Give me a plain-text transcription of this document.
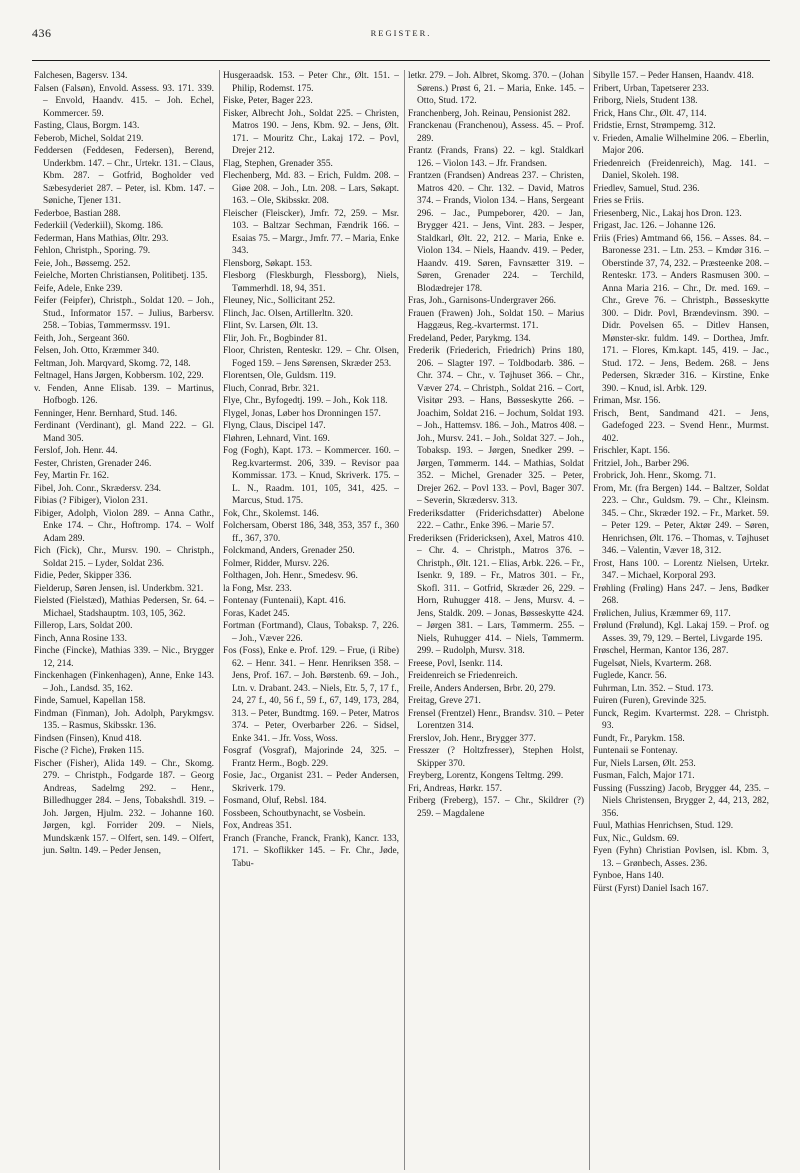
436	REGISTER.
Falchesen, Bagersv. 134.
Falsen (Falsøn), Envold. Assess. 93. 171. 339. – Envold, Haandv. 415. – Joh. Echel, Kommercer. 59.
Fasting, Claus, Borgm. 143.
Feberob, Michel, Soldat 219.
Feddersen (Feddesen, Federsen), Berend, Underkbm. 147. – Chr., Urtekr. 131. – Claus, Kbm. 287. – Gotfrid, Bogholder ved Sæbesyderiet 287. – Peter, isl. Kbm. 147. – Søniche, Tjener 131.
Federboe, Bastian 288.
Federkiil (Vederkiil), Skomg. 186.
Federman, Hans Mathias, Øltr. 293.
Fehlon, Christph., Sporing. 79.
Feie, Joh., Bøssemg. 252.
Feielche, Morten Christiansen, Politibetj. 135.
Feife, Adele, Enke 239.
Feifer (Feipfer), Christph., Soldat 120. – Joh., Stud., Informator 157. – Julius, Barbersv. 258. – Tobias, Tømmermssv. 191.
Feith, Joh., Sergeant 360.
Felsen, Joh. Otto, Kræmmer 340.
Feltman, Joh. Marqvard, Skomg. 72, 148.
Feltnagel, Hans Jørgen, Kobbersm. 102, 229.
v. Fenden, Anne Elisab. 139. – Martinus, Hofbogb. 126.
Fenninger, Henr. Bernhard, Stud. 146.
Ferdinant (Verdinant), gl. Mand 222. – Gl. Mand 305.
Ferslof, Joh. Henr. 44.
Fester, Christen, Grenader 246.
Fey, Martin Fr. 162.
Fibel, Joh. Conr., Skrædersv. 234.
Fibias (? Fibiger), Violon 231.
Fibiger, Adolph, Violon 289. – Anna Cathr., Enke 174. – Chr., Hoftromp. 174. – Wolf Adam 289.
Fich (Fick), Chr., Mursv. 190. – Christph., Soldat 215. – Lyder, Soldat 236.
Fidie, Peder, Skipper 336.
Fielderup, Søren Jensen, isl. Underkbm. 321.
Fielsted (Fielstæd), Mathias Pedersen, Sr. 64. – Michael, Stadshauptm. 103, 105, 362.
Fillerop, Lars, Soldat 200.
Finch, Anna Rosine 133.
Finche (Fincke), Mathias 339. – Nic., Brygger 12, 214.
Finckenhagen (Finkenhagen), Anne, Enke 143. – Joh., Landsd. 35, 162.
Finde, Samuel, Kapellan 158.
Findman (Finman), Joh. Adolph, Parykmgsv. 135. – Rasmus, Skibsskr. 136.
Findsen (Finsen), Knud 418.
Fische (? Fiche), Frøken 115.
Fischer (Fisher), Alida 149. – Chr., Skomg. 279. – Christph., Fodgarde 187. – Georg Andreas, Sadelmg 292. – Henr., Billedhugger 284. – Jens, Tobakshdl. 319. – Joh. Jørgen, Hjulm. 232. – Johanne 160. Jørgen, kgl. Forrider 209. – Niels, Mundskænk 157. – Olfert, sen. 149. – Olfert, jun. Søltn. 149. – Peder Jensen,
Husgeraadsk. 153. – Peter Chr., Ølt. 151. – Philip, Rodemst. 175.
Fiske, Peter, Bager 223.
Fisker, Albrecht Joh., Soldat 225. – Christen, Matros 190. – Jens, Kbm. 92. – Jens, Ølt. 171. – Mouritz Chr., Lakaj 172. – Povl, Drejer 212.
Flag, Stephen, Grenader 355.
Flechenberg, Md. 83. – Erich, Fuldm. 208. – Giøe 208. – Joh., Ltn. 208. – Lars, Søkapt. 163. – Ole, Skibsskr. 208.
Fleischer (Fleiscker), Jmfr. 72, 259. – Msr. 103. – Baltzar Sechman, Fændrik 166. – Esaias 75. – Margr., Jmfr. 77. – Maria, Enke 343.
Flensborg, Søkapt. 153.
Flesborg (Fleskburgh, Flessborg), Niels, Tømmerhdl. 18, 94, 351.
Fleuney, Nic., Sollicitant 252.
Flinch, Jac. Olsen, Artillerltn. 320.
Flint, Sv. Larsen, Ølt. 13.
Flir, Joh. Fr., Bogbinder 81.
Floor, Christen, Renteskr. 129. – Chr. Olsen, Foged 159. – Jens Sørensen, Skræder 253.
Florentsen, Ole, Guldsm. 119.
Fluch, Conrad, Brbr. 321.
Flye, Chr., Byfogedtj. 199. – Joh., Kok 118.
Flygel, Jonas, Løber hos Dronningen 157.
Flyng, Claus, Discipel 147.
Fløhren, Lehnard, Vint. 169.
Fog (Fogh), Kapt. 173. – Kommercer. 160. – Reg.kvartermst. 206, 339. – Revisor paa Kommissar. 173. – Knud, Skriverk. 175. – L. N., Raadm. 101, 105, 341, 425. – Marcus, Stud. 175.
Fok, Chr., Skolemst. 146.
Folchersam, Oberst 186, 348, 353, 357 f., 360 ff., 367, 370.
Folckmand, Anders, Grenader 250.
Folmer, Ridder, Mursv. 226.
Folthagen, Joh. Henr., Smedesv. 96.
la Fong, Msr. 233.
Fontenay (Funtenaii), Kapt. 416.
Foras, Kadet 245.
Fortman (Fortmand), Claus, Tobaksp. 7, 226. – Joh., Væver 226.
Fos (Foss), Enke e. Prof. 129. – Frue, (i Ribe) 62. – Henr. 341. – Henr. Henriksen 358. – Jens, Prof. 167. – Joh. Børstenb. 69. – Joh., Ltn. v. Drabant. 243. – Niels, Etr. 5, 7, 17 f., 24, 27 f., 40, 56 f., 59 f., 67, 149, 173, 284, 313. – Peter, Bundtmg. 169. – Peter, Matros 374. – Peter, Overbarber 226. – Sidsel, Enke 341. – Jfr. Voss, Woss.
Fosgraf (Vosgraf), Majorinde 24, 325. – Frantz Herm., Bogb. 229.
Fosie, Jac., Organist 231. – Peder Andersen, Skriverk. 179.
Fosmand, Oluf, Rebsl. 184.
Fossbeen, Schoutbynacht, se Vosbein.
Fox, Andreas 351.
Franch (Franche, Franck, Frank), Kancr. 133, 171. – Skoflikker 145. – Fr. Chr., Jøde, Tabu-
letkr. 279. – Joh. Albret, Skomg. 370. – (Johan Sørens.) Prøst 6, 21. – Maria, Enke. 145. – Otto, Stud. 172.
Franchenberg, Joh. Reinau, Pensionist 282.
Franckenau (Franchenou), Assess. 45. – Prof. 289.
Frantz (Frands, Frans) 22. – kgl. Staldkarl 126. – Violon 143. – Jfr. Frandsen.
Frantzen (Frandsen) Andreas 237. – Christen, Matros 420. – Chr. 132. – David, Matros 374. – Frands, Violon 134. – Hans, Sergeant 296. – Jac., Pumpeborer, 420. – Jan, Brygger 421. – Jens, Vint. 283. – Jesper, Staldkarl, Ølt. 22, 212. – Maria, Enke e. Violon 134. – Niels, Haandv. 419. – Peder, Haandv. 419. Søren, Favnsætter 319. – Søren, Grenader 224. – Terchild, Blodædrejer 178.
Fras, Joh., Garnisons-Undergraver 266.
Frauen (Frawen) Joh., Soldat 150. – Marius Haggæus, Reg.-kvartermst. 171.
Fredeland, Peder, Parykmg. 134.
Frederik (Friederich, Friedrich) Prins 180, 206. – Slagter 197. – Toldbodarb. 386. – Chr. 374. – Chr., v. Tøjhuset 366. – Chr., Væver 274. – Christph., Soldat 216. – Cort, Visitør 293. – Hans, Bøsseskytte 266. – Joachim, Soldat 216. – Jochum, Soldat 193. – Joh., Hattemsv. 186. – Joh., Matros 408. – Joh., Mursv. 241. – Joh., Soldat 327. – Joh., Tobaksp. 193. – Jørgen, Snedker 299. – Jørgen, Tømmerm. 144. – Mathias, Soldat 352. – Michel, Grenader 325. – Peter, Drejer 262. – Povl 133. – Povl, Bager 307. – Severin, Skrædersv. 313.
Frederiksdatter (Friderichsdatter) Abelone 222. – Cathr., Enke 396. – Marie 57.
Frederiksen (Fridericksen), Axel, Matros 410. – Chr. 4. – Christph., Matros 376. – Christph., Ølt. 121. – Elias, Arbk. 226. – Fr., Isenkr. 9, 189. – Fr., Matros 301. – Fr., Skofl. 311. – Gotfrid, Skræder 26, 229. – Horn, Ruhugger 418. – Jens, Mursv. 4. – Jens, Staldk. 209. – Jonas, Bøsseskytte 424. – Jørgen 381. – Lars, Tømmerm. 255. – Niels, Ruhugger 414. – Niels, Tømmerm. 299. – Rudolph, Mursv. 318.
Freese, Povl, Isenkr. 114.
Freidenreich se Friedenreich.
Freile, Anders Andersen, Brbr. 20, 279.
Freitag, Greve 271.
Frensel (Frentzel) Henr., Brandsv. 310. – Peter Lorentzen 314.
Frerslov, Joh. Henr., Brygger 377.
Fresszer (? Holtzfresser), Stephen Holst, Skipper 370.
Freyberg, Lorentz, Kongens Teltmg. 299.
Fri, Andreas, Hørkr. 157.
Friberg (Freberg), 157. – Chr., Skildrer (?) 259. – Magdalene
Sibylle 157. – Peder Hansen, Haandv. 418.
Fribert, Urban, Tapetserer 233.
Friborg, Niels, Student 138.
Frick, Hans Chr., Ølt. 47, 114.
Fridstie, Ernst, Strømpemg. 312.
v. Frieden, Amalie Wilhelmine 206. – Eberlin, Major 206.
Friedenreich (Freidenreich), Mag. 141. – Daniel, Skoleh. 198.
Friedlev, Samuel, Stud. 236.
Fries se Friis.
Friesenberg, Nic., Lakaj hos Dron. 123.
Frigast, Jac. 126. – Johanne 126.
Friis (Fries) Amtmand 66, 156. – Asses. 84. – Baronesse 231. – Ltn. 253. – Kmdør 316. – Oberstinde 37, 74, 232. – Præsteenke 208. – Renteskr. 173. – Anders Rasmusen 300. – Anna Maria 216. – Chr., Dr. med. 169. – Chr., Greve 76. – Christph., Bøsseskytte 300. – Didr. Povl, Brændevinsm. 390. – Didr. Povelsen 65. – Ditlev Hansen, Mønster-skr. fuldm. 149. – Dorthea, Jmfr. 171. – Flores, Km.kapt. 145, 419. – Jac., Stud. 172. – Jens, Bedem. 268. – Jens Pedersen, Skræder 316. – Kirstine, Enke 390. – Knud, isl. Arbk. 129.
Friman, Msr. 156.
Frisch, Bent, Sandmand 421. – Jens, Gadefoged 223. – Svend Henr., Murmst. 402.
Frischler, Kapt. 156.
Fritziel, Joh., Barber 296.
Frobrick, Joh. Henr., Skomg. 71.
From, Mr. (fra Bergen) 144. – Baltzer, Soldat 223. – Chr., Guldsm. 79. – Chr., Kleinsm. 345. – Chr., Skræder 192. – Fr., Market. 59. – Peter 129. – Peter, Aktør 249. – Søren, Henrichsen, Ølt. 176. – Thomas, v. Tøjhuset 346. – Valentin, Væver 18, 312.
Frost, Hans 100. – Lorentz Nielsen, Urtekr. 347. – Michael, Korporal 293.
Frøhling (Frøling) Hans 247. – Jens, Bødker 268.
Frølichen, Julius, Kræmmer 69, 117.
Frølund (Frølund), Kgl. Lakaj 159. – Prof. og Asses. 39, 79, 129. – Bertel, Livgarde 195.
Frøschel, Herman, Kantor 136, 287.
Fugelsøt, Niels, Kvarterm. 268.
Fuglede, Kancr. 56.
Fuhrman, Ltn. 352. – Stud. 173.
Fuiren (Furen), Grevinde 325.
Funck, Regim. Kvartermst. 228. – Christph. 93.
Fundt, Fr., Parykm. 158.
Funtenaii se Fontenay.
Fur, Niels Larsen, Ølt. 253.
Fusman, Falch, Major 171.
Fussing (Fusszing) Jacob, Brygger 44, 235. – Niels Christensen, Brygger 2, 44, 213, 282, 356.
Fuul, Mathias Henrichsen, Stud. 129.
Fux, Nic., Guldsm. 69.
Fyen (Fyhn) Christian Povlsen, isl. Kbm. 3, 13. – Grønbech, Asses. 236.
Fynboe, Hans 140.
Fürst (Fyrst) Daniel Isach 167.
